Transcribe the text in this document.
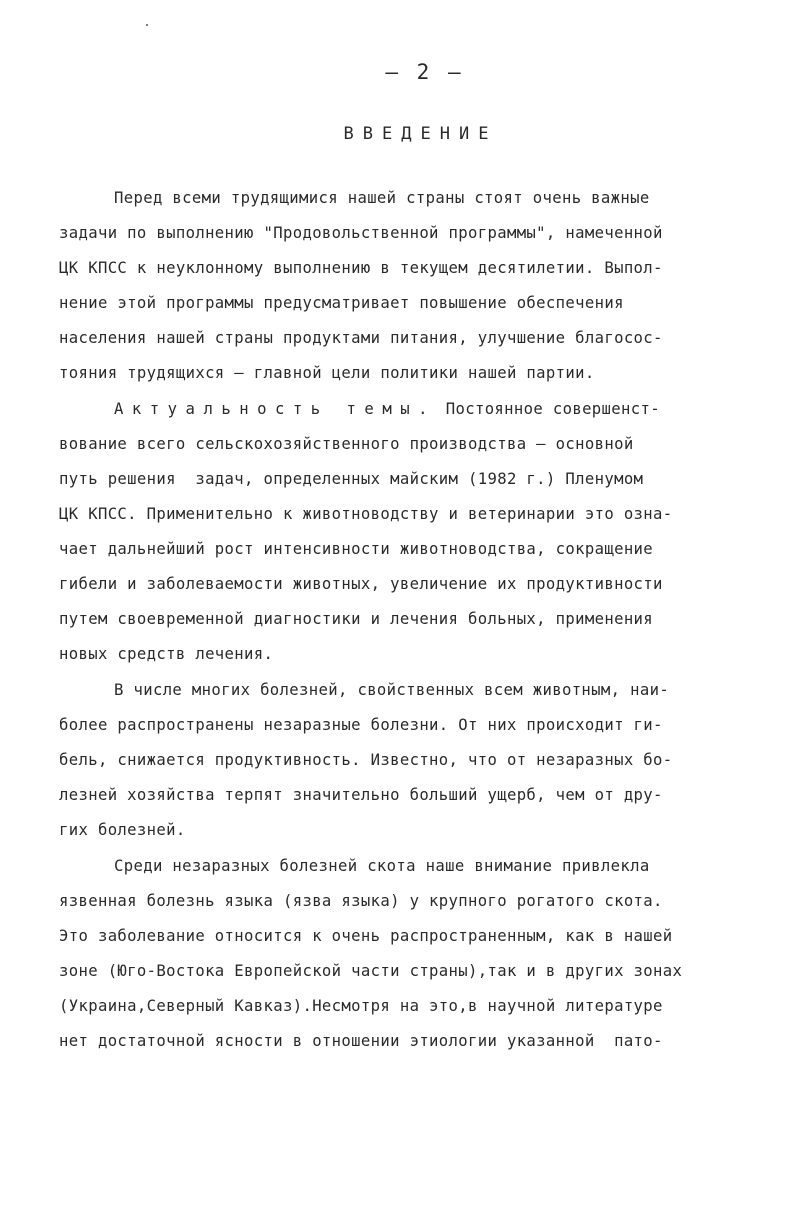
– 2 –
ВВЕДЕНИЕ
Перед всеми трудящимися нашей страны стоят очень важные
задачи по выполнению "Продовольственной программы", намеченной
ЦК КПСС к неуклонному выполнению в текущем десятилетии. Выпол-
нение этой программы предусматривает повышение обеспечения
населения нашей страны продуктами питания, улучшение благосос-
тояния трудящихся – главной цели политики нашей партии.
Актуальность темы. Постоянное совершенст-
вование всего сельскохозяйственного производства – основной
путь решения  задач, определенных майским (1982 г.) Пленумом
ЦК КПСС. Применительно к животноводству и ветеринарии это озна-
чает дальнейший рост интенсивности животноводства, сокращение
гибели и заболеваемости животных, увеличение их продуктивности
путем своевременной диагностики и лечения больных, применения
новых средств лечения.
В числе многих болезней, свойственных всем животным, наи-
более распространены незаразные болезни. От них происходит ги-
бель, снижается продуктивность. Известно, что от незаразных бо-
лезней хозяйства терпят значительно больший ущерб, чем от дру-
гих болезней.
Среди незаразных болезней скота наше внимание привлекла
язвенная болезнь языка (язва языка) у крупного рогатого скота.
Это заболевание относится к очень распространенным, как в нашей
зоне (Юго-Востока Европейской части страны),так и в других зонах
(Украина,Северный Кавказ).Несмотря на это,в научной литературе
нет достаточной ясности в отношении этиологии указанной  пато-
